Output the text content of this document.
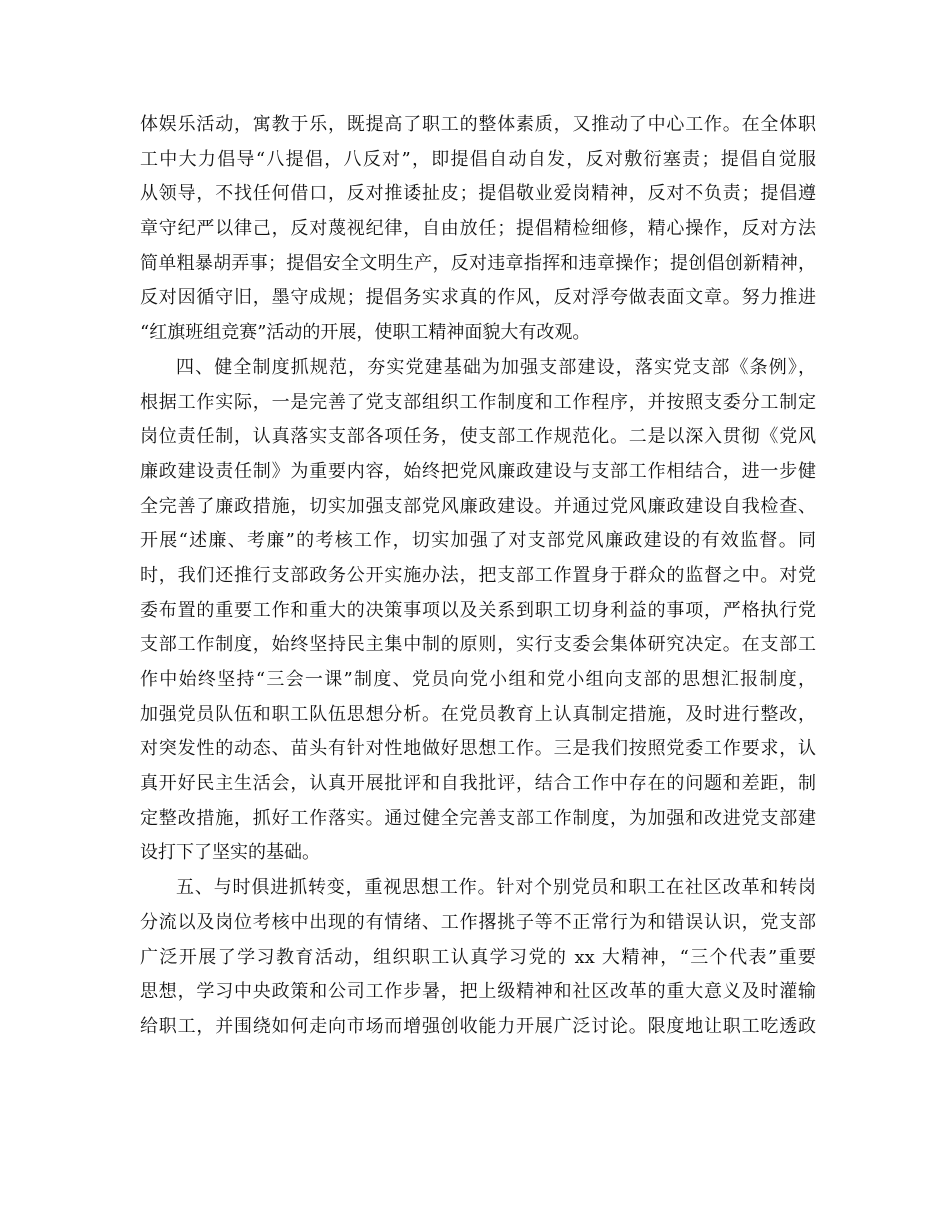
体娱乐活动，寓教于乐，既提高了职工的整体素质，又推动了中心工作。在全体职
工中大力倡导“八提倡，八反对”，即提倡自动自发，反对敷衍塞责；提倡自觉服
从领导，不找任何借口，反对推诿扯皮；提倡敬业爱岗精神，反对不负责；提倡遵
章守纪严以律己，反对蔑视纪律，自由放任；提倡精检细修，精心操作，反对方法
简单粗暴胡弄事；提倡安全文明生产，反对违章指挥和违章操作；提创倡创新精神，
反对因循守旧，墨守成规；提倡务实求真的作风，反对浮夸做表面文章。努力推进
“红旗班组竞赛”活动的开展，使职工精神面貌大有改观。
四、健全制度抓规范，夯实党建基础为加强支部建设，落实党支部《条例》，
根据工作实际，一是完善了党支部组织工作制度和工作程序，并按照支委分工制定
岗位责任制，认真落实支部各项任务，使支部工作规范化。二是以深入贯彻《党风
廉政建设责任制》为重要内容，始终把党风廉政建设与支部工作相结合，进一步健
全完善了廉政措施，切实加强支部党风廉政建设。并通过党风廉政建设自我检查、
开展“述廉、考廉”的考核工作，切实加强了对支部党风廉政建设的有效监督。同
时，我们还推行支部政务公开实施办法，把支部工作置身于群众的监督之中。对党
委布置的重要工作和重大的决策事项以及关系到职工切身利益的事项，严格执行党
支部工作制度，始终坚持民主集中制的原则，实行支委会集体研究决定。在支部工
作中始终坚持“三会一课”制度、党员向党小组和党小组向支部的思想汇报制度，
加强党员队伍和职工队伍思想分析。在党员教育上认真制定措施，及时进行整改，
对突发性的动态、苗头有针对性地做好思想工作。三是我们按照党委工作要求，认
真开好民主生活会，认真开展批评和自我批评，结合工作中存在的问题和差距，制
定整改措施，抓好工作落实。通过健全完善支部工作制度，为加强和改进党支部建
设打下了坚实的基础。
五、与时俱进抓转变，重视思想工作。针对个别党员和职工在社区改革和转岗
分流以及岗位考核中出现的有情绪、工作撂挑子等不正常行为和错误认识，党支部
广泛开展了学习教育活动，组织职工认真学习党的 xx 大精神，“三个代表”重要
思想，学习中央政策和公司工作步暑，把上级精神和社区改革的重大意义及时灌输
给职工，并围绕如何走向市场而增强创收能力开展广泛讨论。限度地让职工吃透政
